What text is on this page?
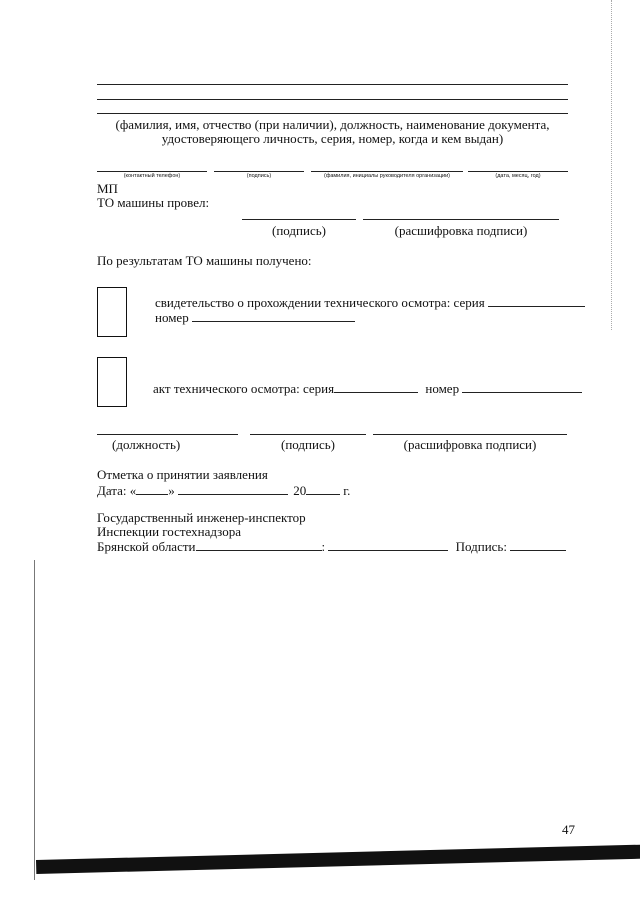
(фамилия, имя, отчество (при наличии), должность, наименование документа,
удостоверяющего личность, серия, номер, когда и кем выдан)
(контактный телефон)	(подпись)	(фамилия, инициалы руководителя организации)	(дата, месяц, год)
МП
ТО машины провел:
(подпись)	(расшифровка подписи)
По результатам ТО машины получено:
свидетельство о прохождении технического осмотра: серия
номер
акт технического осмотра: серия	номер
(должность)	(подпись)	(расшифровка подписи)
Отметка о принятии заявления
Дата: « »	20	г.
Государственный инженер-инспектор
Инспекции гостехнадзора
Брянской области	:	Подпись:
47
